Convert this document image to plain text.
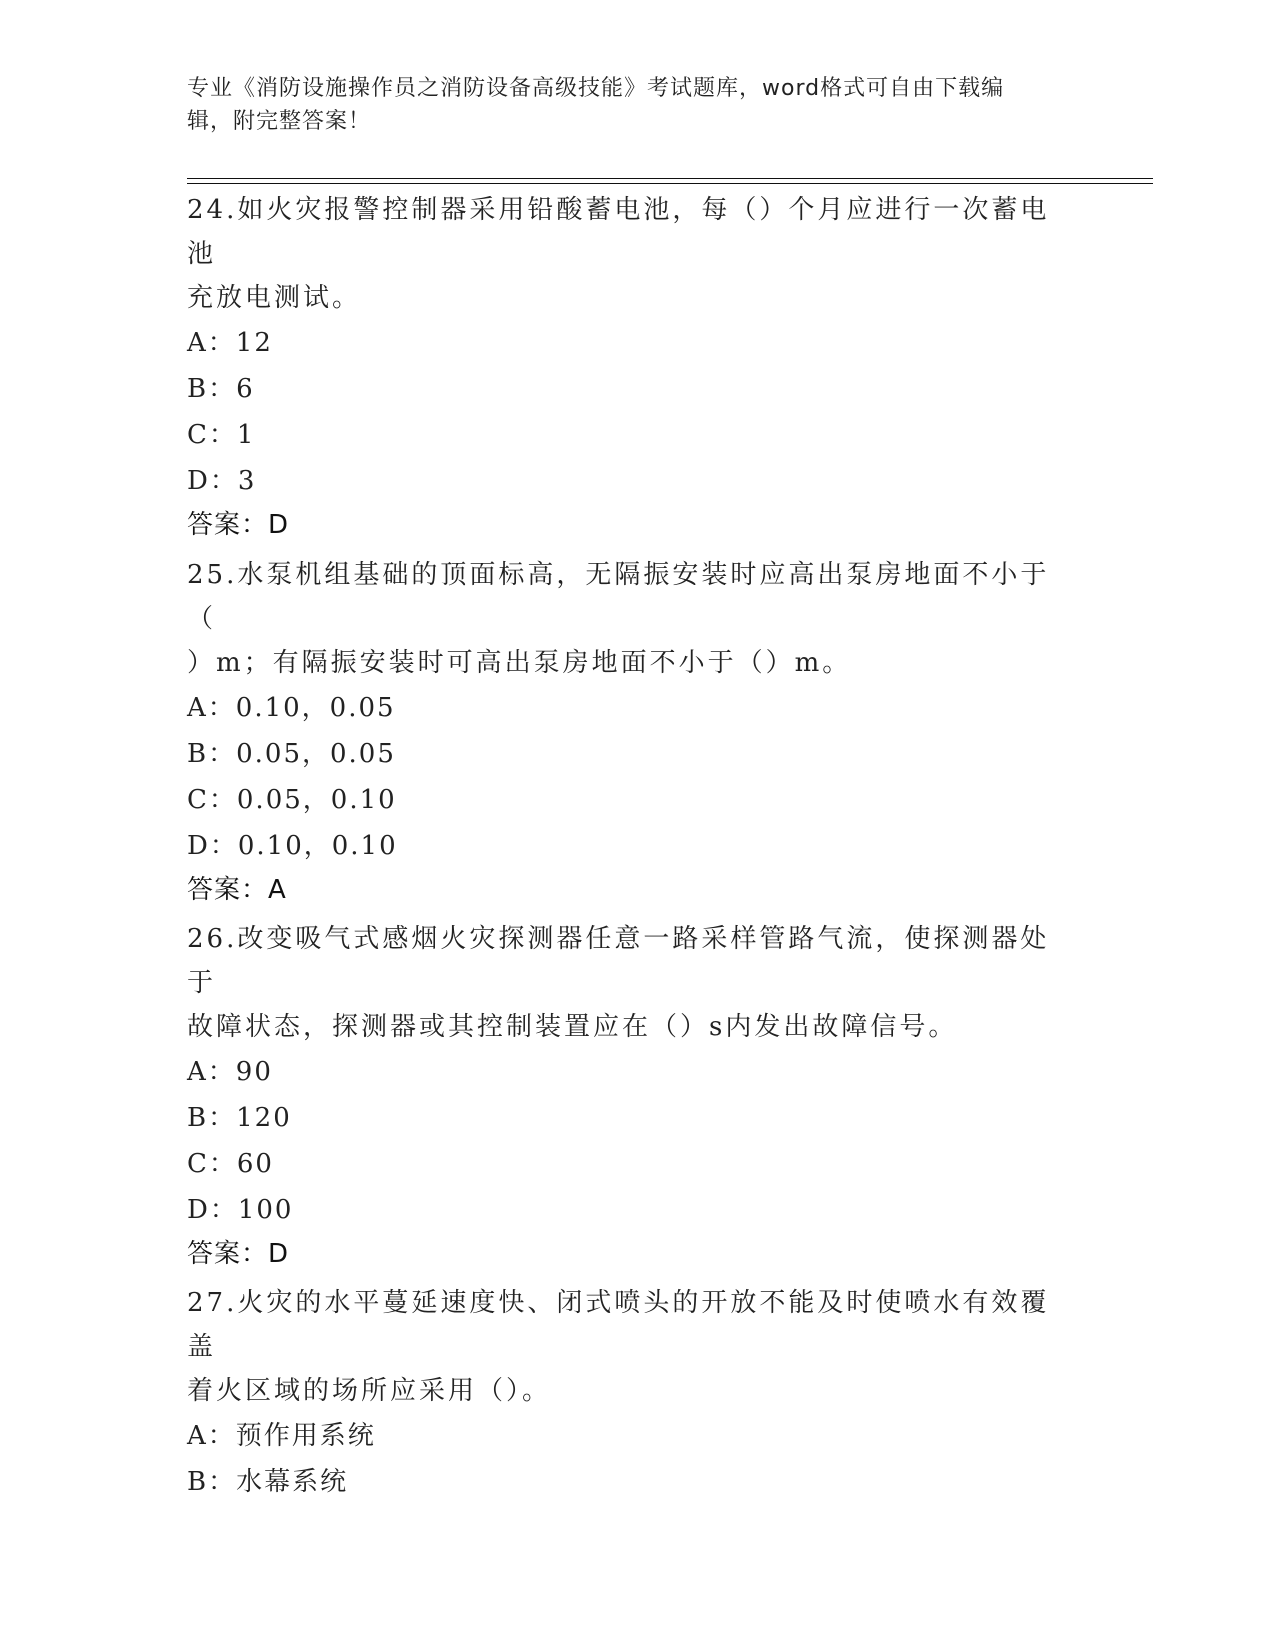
专业《消防设施操作员之消防设备高级技能》考试题库，word格式可自由下载编
辑，附完整答案！

24.如火灾报警控制器采用铅酸蓄电池，每（）个月应进行一次蓄电池

充放电测试。

A：12

B：6

C：1

D：3

答案：D

25.水泵机组基础的顶面标高，无隔振安装时应高出泵房地面不小于（

）m；有隔振安装时可高出泵房地面不小于（）m。

A：0.10，0.05

B：0.05，0.05

C：0.05，0.10

D：0.10，0.10

答案：A

26.改变吸气式感烟火灾探测器任意一路采样管路气流，使探测器处于

故障状态，探测器或其控制装置应在（）s内发出故障信号。

A：90

B：120

C：60

D：100

答案：D

27.火灾的水平蔓延速度快、闭式喷头的开放不能及时使喷水有效覆盖

着火区域的场所应采用（）。

A：预作用系统

B：水幕系统
